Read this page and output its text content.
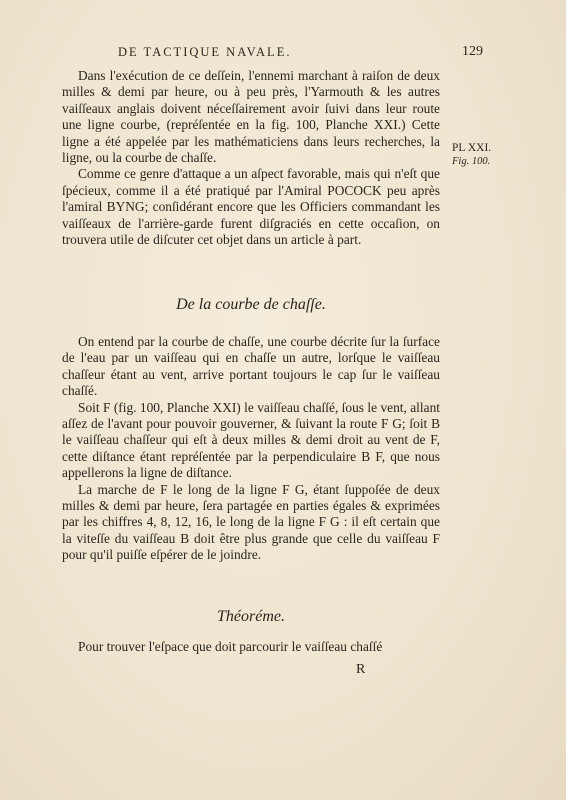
DE TACTIQUE NAVALE.	129
PL XXI.
Fig. 100.

Dans l'exécution de ce deſſein, l'ennemi marchant à raiſon de deux milles & demi par heure, ou à peu près, l'Yarmouth & les autres vaiſſeaux anglais doivent néceſſairement avoir ſuivi dans leur route une ligne courbe, (repréſentée en la fig. 100, Planche XXI.) Cette ligne a été appelée par les mathématiciens dans leurs recherches, la ligne, ou la courbe de chaſſe.

Comme ce genre d'attaque a un aſpect favorable, mais qui n'eſt que ſpécieux, comme il a été pratiqué par l'Amiral POCOCK peu après l'amiral BYNG; conſidérant encore que les Officiers commandant les vaiſſeaux de l'arrière-garde furent diſgraciés en cette occaſion, on trouvera utile de diſcuter cet objet dans un article à part.

De la courbe de chaſſe.

On entend par la courbe de chaſſe, une courbe décrite ſur la ſurface de l'eau par un vaiſſeau qui en chaſſe un autre, lorſque le vaiſſeau chaſſeur étant au vent, arrive portant toujours le cap ſur le vaiſſeau chaſſé.

Soit F (fig. 100, Planche XXI) le vaiſſeau chaſſé, ſous le vent, allant aſſez de l'avant pour pouvoir gouverner, & ſuivant la route F G; ſoit B le vaiſſeau chaſſeur qui eſt à deux milles & demi droit au vent de F, cette diſtance étant repréſentée par la perpendiculaire B F, que nous appellerons la ligne de diſtance.

La marche de F le long de la ligne F G, étant ſuppoſée de deux milles & demi par heure, ſera partagée en parties égales & exprimées par les chiffres 4, 8, 12, 16, le long de la ligne F G : il eſt certain que la viteſſe du vaiſſeau B doit être plus grande que celle du vaiſſeau F pour qu'il puiſſe eſpérer de le joindre.

Théoréme.
Pour trouver l'eſpace que doit parcourir le vaiſſeau chaſſé
R
